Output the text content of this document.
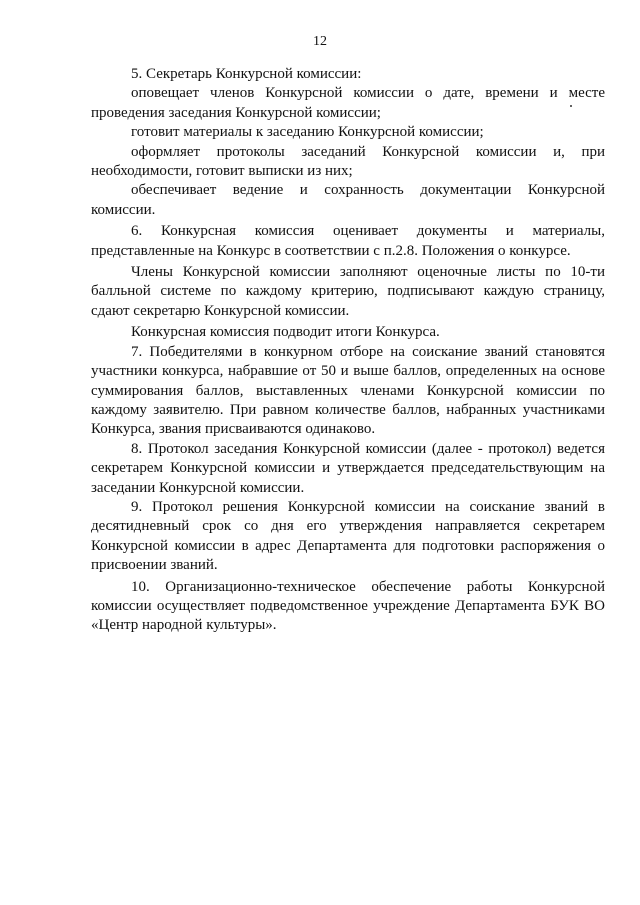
12

5. Секретарь Конкурсной комиссии:

оповещает членов Конкурсной комиссии о дате, времени и месте проведения заседания Конкурсной комиссии;

готовит материалы к заседанию Конкурсной комиссии;

оформляет протоколы заседаний Конкурсной комиссии и, при необходимости, готовит выписки из них;

обеспечивает ведение и сохранность документации Конкурсной комиссии.

6. Конкурсная комиссия оценивает документы и материалы, представленные на Конкурс в соответствии с п.2.8. Положения о конкурсе.

Члены Конкурсной комиссии заполняют оценочные листы по 10-ти балльной системе по каждому критерию, подписывают каждую страницу, сдают секретарю Конкурсной комиссии.

Конкурсная комиссия подводит итоги Конкурса.

7. Победителями в конкурном отборе на соискание званий становятся участники конкурса, набравшие от 50 и выше баллов, определенных на основе суммирования баллов, выставленных членами Конкурсной комиссии по каждому заявителю. При равном количестве баллов, набранных участниками Конкурса, звания присваиваются одинаково.

8. Протокол заседания Конкурсной комиссии (далее - протокол) ведется секретарем Конкурсной комиссии и утверждается председательствующим на заседании Конкурсной комиссии.

9. Протокол решения Конкурсной комиссии на соискание званий в десятидневный срок со дня его утверждения направляется секретарем Конкурсной комиссии в адрес Департамента для подготовки распоряжения о присвоении званий.

10. Организационно-техническое обеспечение работы Конкурсной комиссии осуществляет подведомственное учреждение Департамента БУК ВО «Центр народной культуры».
